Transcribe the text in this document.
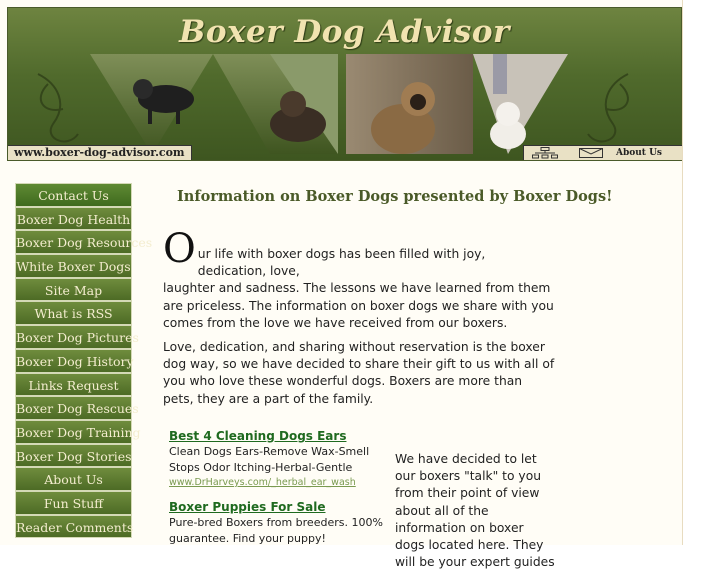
Boxer Dog Advisor
www.boxer-dog-advisor.com	About Us
Contact Us
Boxer Dog Health
Boxer Dog Resources
White Boxer Dogs
Site Map
What is RSS
Boxer Dog Pictures
Boxer Dog History
Links Request
Boxer Dog Rescues
Boxer Dog Training
Boxer Dog Stories
About Us
Fun Stuff
Reader Comments
Information on Boxer Dogs presented by Boxer Dogs!
O ur life with boxer dogs has been filled with joy, dedication, love,
laughter and sadness. The lessons we have learned from them are priceless. The information on boxer dogs we share with you comes from the love we have received from our boxers.
Love, dedication, and sharing without reservation is the boxer dog way, so we have decided to share their gift to us with all of you who love these wonderful dogs. Boxers are more than pets, they are a part of the family.
Best 4 Cleaning Dogs Ears
Clean Dogs Ears-Remove Wax-Smell Stops Odor Itching-Herbal-Gentle
www.DrHarveys.com/_herbal_ear_wash
Boxer Puppies For Sale
Pure-bred Boxers from breeders. 100% guarantee. Find your puppy!
We have decided to let our boxers "talk" to you from their point of view about all of the information on boxer dogs located here. They will be your expert guides
